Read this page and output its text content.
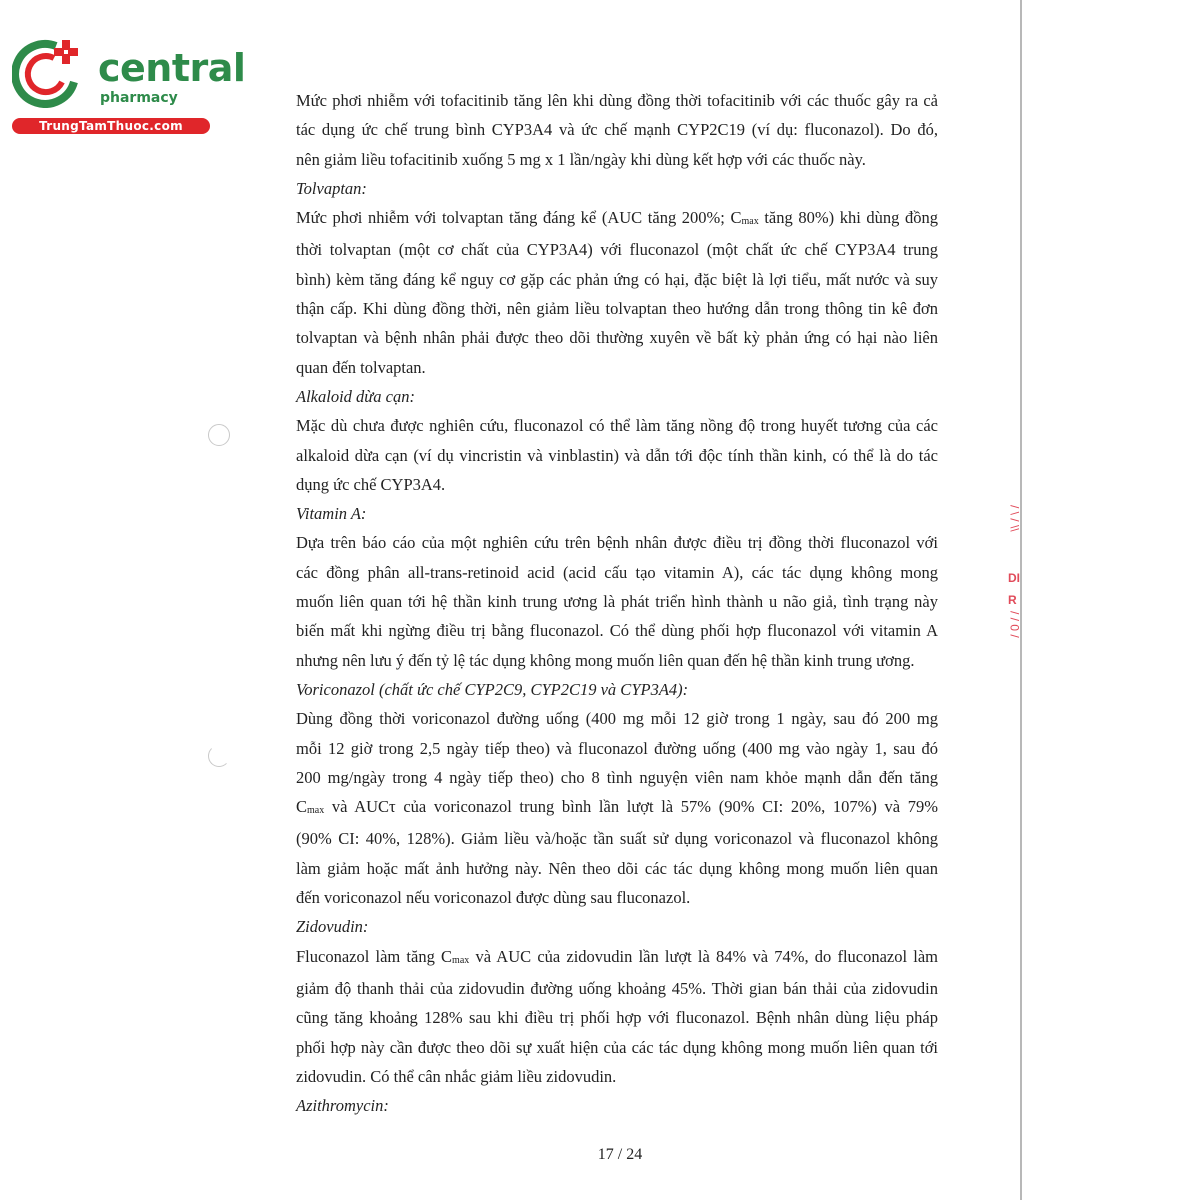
central
pharmacy
TrungTamThuoc.com
\\ / \ /
DI
R
/ 0 / /
Mức phơi nhiễm với tofacitinib tăng lên khi dùng đồng thời tofacitinib với các thuốc gây ra cả
tác dụng ức chế trung bình CYP3A4 và ức chế mạnh CYP2C19 (ví dụ: fluconazol). Do đó,
nên giảm liều tofacitinib xuống 5 mg x 1 lần/ngày khi dùng kết hợp với các thuốc này.
Tolvaptan:
Mức phơi nhiễm với tolvaptan tăng đáng kể (AUC tăng 200%; $C_{max}$ tăng 80%) khi dùng đồng
thời tolvaptan (một cơ chất của CYP3A4) với fluconazol (một chất ức chế CYP3A4 trung
bình) kèm tăng đáng kể nguy cơ gặp các phản ứng có hại, đặc biệt là lợi tiểu, mất nước và suy
thận cấp. Khi dùng đồng thời, nên giảm liều tolvaptan theo hướng dẫn trong thông tin kê đơn
tolvaptan và bệnh nhân phải được theo dõi thường xuyên về bất kỳ phản ứng có hại nào liên
quan đến tolvaptan.
Alkaloid dừa cạn:
Mặc dù chưa được nghiên cứu, fluconazol có thể làm tăng nồng độ trong huyết tương của các
alkaloid dừa cạn (ví dụ vincristin và vinblastin) và dẫn tới độc tính thần kinh, có thể là do tác
dụng ức chế CYP3A4.
Vitamin A:
Dựa trên báo cáo của một nghiên cứu trên bệnh nhân được điều trị đồng thời fluconazol với
các đồng phân all-trans-retinoid acid (acid cấu tạo vitamin A), các tác dụng không mong
muốn liên quan tới hệ thần kinh trung ương là phát triển hình thành u não giả, tình trạng này
biến mất khi ngừng điều trị bằng fluconazol. Có thể dùng phối hợp fluconazol với vitamin A
nhưng nên lưu ý đến tỷ lệ tác dụng không mong muốn liên quan đến hệ thần kinh trung ương.
Voriconazol (chất ức chế CYP2C9, CYP2C19 và CYP3A4):
Dùng đồng thời voriconazol đường uống (400 mg mỗi 12 giờ trong 1 ngày, sau đó 200 mg
mỗi 12 giờ trong 2,5 ngày tiếp theo) và fluconazol đường uống (400 mg vào ngày 1, sau đó
200 mg/ngày trong 4 ngày tiếp theo) cho 8 tình nguyện viên nam khỏe mạnh dẫn đến tăng
$C_{max}$ và AUCτ của voriconazol trung bình lần lượt là 57% (90% CI: 20%, 107%) và 79%
(90% CI: 40%, 128%). Giảm liều và/hoặc tần suất sử dụng voriconazol và fluconazol không
làm giảm hoặc mất ảnh hưởng này. Nên theo dõi các tác dụng không mong muốn liên quan
đến voriconazol nếu voriconazol được dùng sau fluconazol.
Zidovudin:
Fluconazol làm tăng $C_{max}$ và AUC của zidovudin lần lượt là 84% và 74%, do fluconazol làm
giảm độ thanh thải của zidovudin đường uống khoảng 45%. Thời gian bán thải của zidovudin
cũng tăng khoảng 128% sau khi điều trị phối hợp với fluconazol. Bệnh nhân dùng liệu pháp
phối hợp này cần được theo dõi sự xuất hiện của các tác dụng không mong muốn liên quan tới
zidovudin. Có thể cân nhắc giảm liều zidovudin.
Azithromycin:
17 / 24
